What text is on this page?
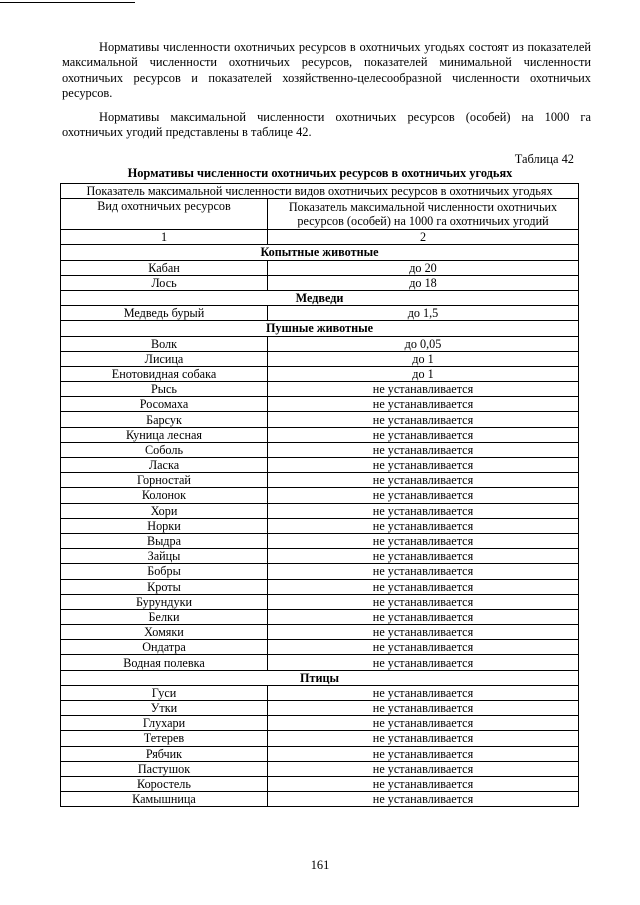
Нормативы численности охотничьих ресурсов в охотничьих угодьях состоят из показателей максимальной численности охотничьих ресурсов, показателей минимальной численности охотничьих ресурсов и показателей хозяйственно-целесообразной численности охотничьих ресурсов.

Нормативы максимальной численности охотничьих ресурсов (особей) на 1000 га охотничьих угодий представлены в таблице 42.

Таблица 42
Нормативы численности охотничьих ресурсов в охотничьих угодьях
Показатель максимальной численности видов охотничьих ресурсов в охотничьих угодьях	
Вид охотничьих ресурсов	Показатель максимальной численности охотничьих ресурсов (особей) на 1000 га охотничьих угодий
1	2
Копытные животные	
Кабан	до 20
Лось	до 18
Медведи	
Медведь бурый	до 1,5
Пушные животные	
Волк	до 0,05
Лисица	до 1
Енотовидная собака	до 1
Рысь	не устанавливается
Росомаха	не устанавливается
Барсук	не устанавливается
Куница лесная	не устанавливается
Соболь	не устанавливается
Ласка	не устанавливается
Горностай	не устанавливается
Колонок	не устанавливается
Хори	не устанавливается
Норки	не устанавливается
Выдра	не устанавливается
Зайцы	не устанавливается
Бобры	не устанавливается
Кроты	не устанавливается
Бурундуки	не устанавливается
Белки	не устанавливается
Хомяки	не устанавливается
Ондатра	не устанавливается
Водная полевка	не устанавливается
Птицы	
Гуси	не устанавливается
Утки	не устанавливается
Глухари	не устанавливается
Тетерев	не устанавливается
Рябчик	не устанавливается
Пастушок	не устанавливается
Коростель	не устанавливается
Камышница	не устанавливается
161
